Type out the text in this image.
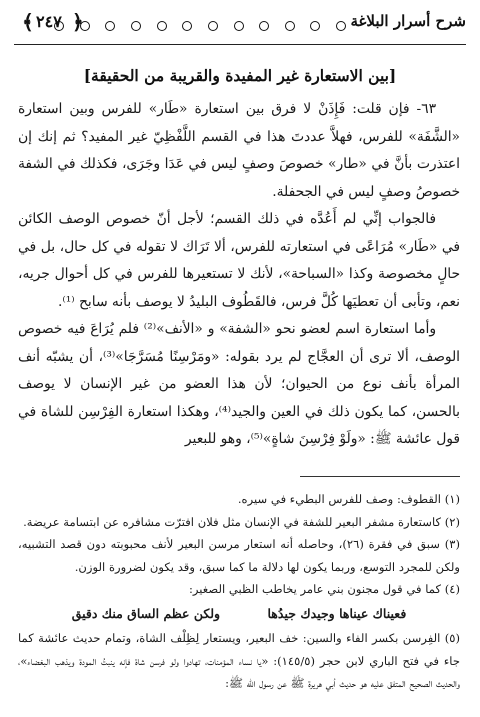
شرح أسرار البلاغة
﴿
٢٤٧
﴾
[بين الاستعارة غير المفيدة والقريبة من الحقيقة]

٦٣- فإن قلت: فَإِذَنْ لا فرق بين استعارة «طَار» للفرس وبين استعارة «الشَّفَة» للفرس، فهلاَّ عددتَ هذا في القسم اللَّفْظِيّ غير المفيد؟ ثم إنك إن اعتذرت بأنَّ في «طار» خصوصَ وصفٍ ليس في عَدَا وجَرَى، فكذلك في الشفة خصوصُ وصفٍ ليس في الجحفلة.

فالجواب إنِّي لم أَعُدَّه في ذلك القسم؛ لأجل أنّ خصوص الوصف الكائن في «طَار» مُرَاعًى في استعارته للفرس، ألا تَرَاك لا تقوله في كل حال، بل في حالٍ مخصوصة وكذا «السباحة»، لأنك لا تستعيرها للفرس في كل أحوال جريه، نعم، وتأبى أن تعطيَها كُلَّ فرس، فالقَطُوف البليدُ لا يوصف بأنه سابح ⁽¹⁾.

وأما استعارة اسم لعضو نحو «الشفة» و «الأنف»⁽²⁾ فلم يُرَاعَ فيه خصوص الوصف، ألا ترى أن العجَّاج لم يرد بقوله: «ومَرْسِنًا مُسَرَّجَا»⁽³⁾، أن يشبّه أنف المرأة بأنف نوع من الحيوان؛ لأن هذا العضو من غير الإنسان لا يوصف بالحسن، كما يكون ذلك في العين والجيد⁽⁴⁾، وهكذا استعارة الفِرْسِن للشاة في قول عائشة ﷺ: «ولَوْ فِرْسِنَ شاةٍ»⁽⁵⁾، وهو للبعير

(١) القطوف: وصف للفرس البطيء في سيره.

(٢) كاستعارة مشفر البعير للشفة في الإنسان مثل فلان افترّت مشافره عن ابتسامة عريضة.

(٣) سبق في فقرة (٢٦)، وحاصله أنه استعار مرسن البعير لأنف محبوبته دون قصد التشبيه، ولكن للمجرد التوسع، وربما يكون لها دلالة ما كما سبق، وقد يكون لضرورة الوزن.

(٤) كما في قول مجنون بني عامر يخاطب الظبي الصغير:

فعيناك عيناها وجيدك جيدُها
ولكن عظم الساق منك دقيق

(٥) الفِرسن بكسر الفاء والسين: خف البعير، ويستعار لِظِلْف الشاة، وتمام حديث عائشة كما جاء في فتح الباري لابن حجر (١٤٥/٥): «يا نساء المؤمنات، تهادوا ولو فرسن شاة فإنه ينبتُ المودة ويذهب البغضاء»، والحديث الصحيح المتفق عليه هو حديث أبي هريرة ﷺ عن رسول الله ﷺ:
